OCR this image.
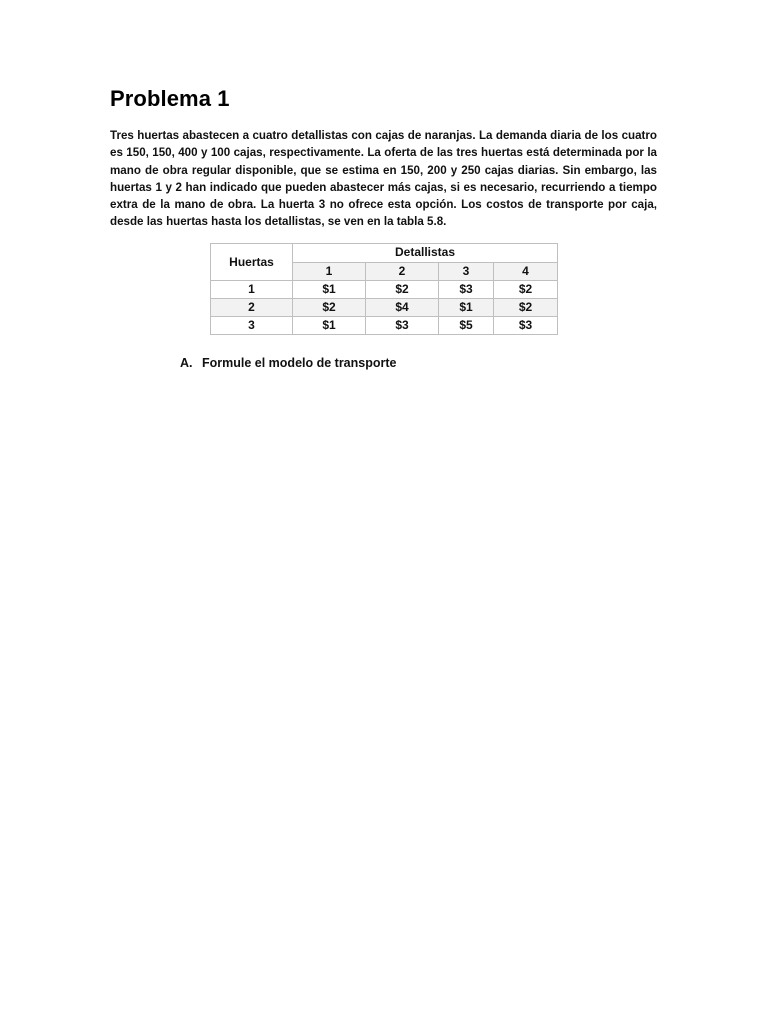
Problema 1
Tres huertas abastecen a cuatro detallistas con cajas de naranjas. La demanda diaria de los cuatro es 150, 150, 400 y 100 cajas, respectivamente. La oferta de las tres huertas está determinada por la mano de obra regular disponible, que se estima en 150, 200 y 250 cajas diarias. Sin embargo, las huertas 1 y 2 han indicado que pueden abastecer más cajas, si es necesario, recurriendo a tiempo extra de la mano de obra. La huerta 3 no ofrece esta opción. Los costos de transporte por caja, desde las huertas hasta los detallistas, se ven en la tabla 5.8.
Huertas	Detallistas			
	1	2	3	4
1	$1	$2	$3	$2
2	$2	$4	$1	$2
3	$1	$3	$5	$3
A. Formule el modelo de transporte
